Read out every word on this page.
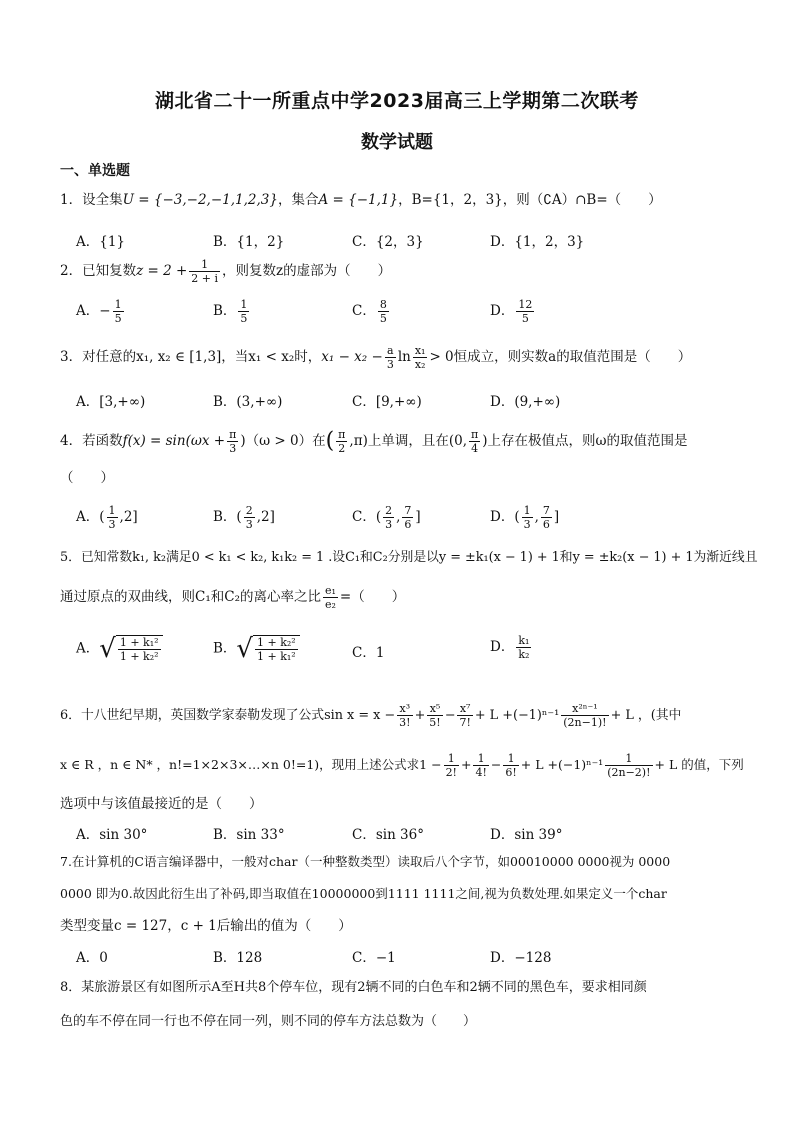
湖北省二十一所重点中学2023届高三上学期第二次联考
数学试题
一、单选题
1．设全集U = {−3,−2,−1,1,2,3}，集合A = {−1,1}，B={1，2，3}，则（∁A）∩B=（　　）
A．{1}	B．{1，2}	C．{2，3}	D．{1，2，3}
2．已知复数$z = 2 + \frac{1}{2 + i}$ ，则复数z的虚部为（　　）
A．− $\frac{1}{5}$	B． $\frac{1}{5}$	C． $\frac{8}{5}$	D． $\frac{12}{5}$
3．对任意的x₁, x₂ ∈ [1,3]，当x₁ < x₂时，$x_1 - x_2 - \frac{a}{3}$ $\ln \frac{\text{x₁}}{\text{x₂}} > 0$恒成立，则实数a的取值范围是（　　）
A．[3,+∞)	B．(3,+∞)	C．[9,+∞)	D．(9,+∞)
4．若函数$f(x) = \sin(\omega x + \frac{\pi}{3} )(\omega > 0)$在( $\frac{\pi}{2} ,\pi$)上单调，且在(0, $\frac{\pi}{4}$ )上存在极值点，则ω的取值范围是
（　　）
A．( $\frac{1}{3} ,2$]	B．( $\frac{2}{3} ,2$]	C．( $\frac{2}{3}$ , $\frac{7}{6}$ ]	D．( $\frac{1}{3}$ , $\frac{7}{6}$ ]
5．已知常数k₁, k₂满足0 < k₁ < k₂, k₁k₂ = 1 .设C₁和C₂分别是以y = ±k₁(x − 1) + 1和y = ±k₂(x − 1) + 1为渐近线且
通过原点的双曲线，则C₁和C₂的离心率之比 $\frac{\text{e₁}}{\text{e₂}}$ =（　　）
A．√ $\frac{\text{1 + k₁²}}{\text{1 + k₂²}}$	B．√ $\frac{\text{1 + k₂²}}{\text{1 + k₁²}}$	C．1	D． $\frac{\text{k₁}}{\text{k₂}}$
6．十八世纪早期，英国数学家泰勒发现了公式$\sin x = x - \frac{\text{x³}}{3!} + \frac{\text{x⁵}}{5!} - \frac{\text{x⁷}}{7!} + L +(-1)^{n-1} \frac{\text{x²ⁿ⁻¹}}{(2n-1)!} + L$ ，(其中
x ∈ R ，n ∈ N* ，n!=1×2×3×…×n 0!=1)，现用上述公式求$1 - \frac{1}{2!} + \frac{1}{4!} - \frac{1}{6!} + L +(-1)^{n-1} \frac{1}{(2n-2)!} + L$ 的值，下列
选项中与该值最接近的是（　　）
A．sin 30°	B．sin 33°	C．sin 36°	D．sin 39°
7.在计算机的C语言编译器中，一般对char（一种整数类型）读取后八个字节，如00010000 0000视为 0000
0000 即为0.故因此衍生出了补码,即当取值在10000000到1111 1111之间,视为负数处理.如果定义一个char
类型变量c = 127，c + 1后输出的值为（　　）
A．0	B．128	C．−1	D．−128
8．某旅游景区有如图所示A至H共8个停车位，现有2辆不同的白色车和2辆不同的黑色车，要求相同颜
色的车不停在同一行也不停在同一列，则不同的停车方法总数为（　　）
